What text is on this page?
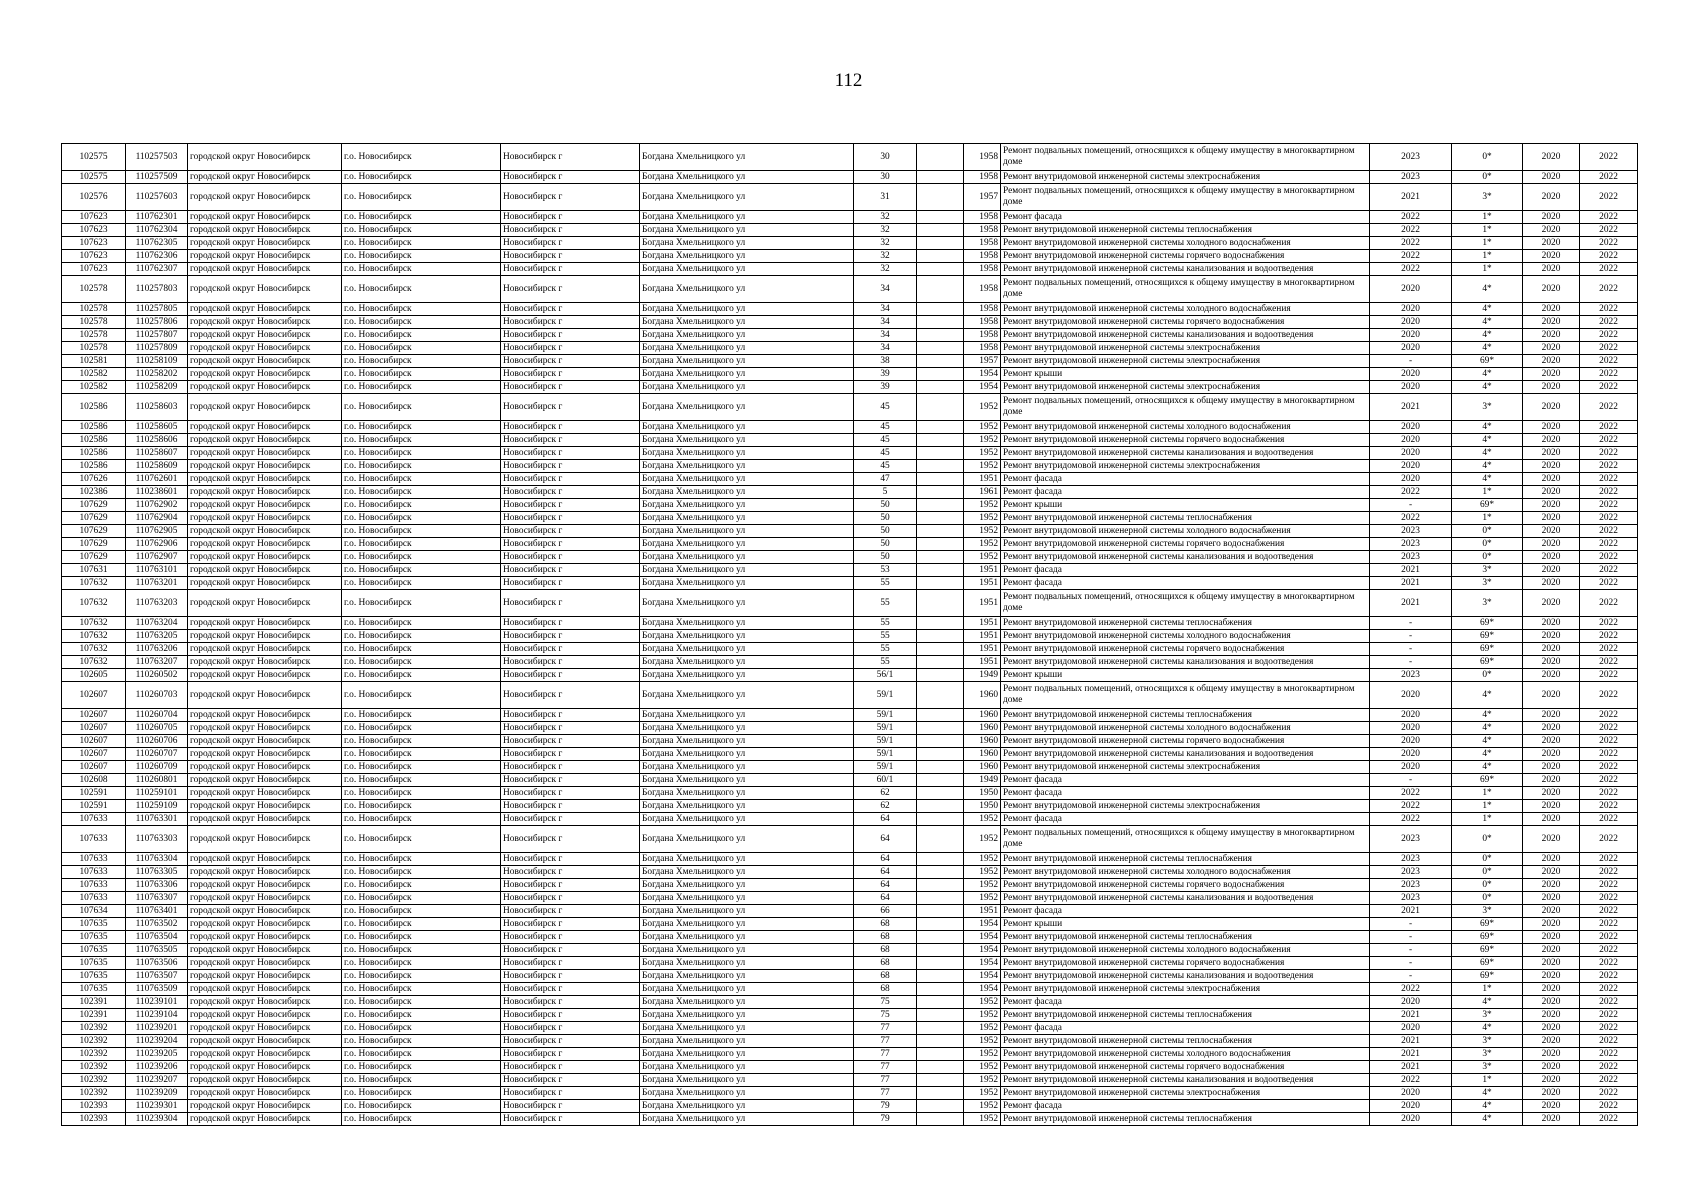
112
102575	110257503	городской округ Новосибирск	г.о. Новосибирск	Новосибирск г	Богдана Хмельницкого ул	30		1958	Ремонт подвальных помещений, относящихся к общему имуществу в многоквартирном доме	2023	0*	2020	2022
102575	110257509	городской округ Новосибирск	г.о. Новосибирск	Новосибирск г	Богдана Хмельницкого ул	30		1958	Ремонт внутридомовой инженерной системы электроснабжения	2023	0*	2020	2022
102576	110257603	городской округ Новосибирск	г.о. Новосибирск	Новосибирск г	Богдана Хмельницкого ул	31		1957	Ремонт подвальных помещений, относящихся к общему имуществу в многоквартирном доме	2021	3*	2020	2022
107623	110762301	городской округ Новосибирск	г.о. Новосибирск	Новосибирск г	Богдана Хмельницкого ул	32		1958	Ремонт фасада	2022	1*	2020	2022
107623	110762304	городской округ Новосибирск	г.о. Новосибирск	Новосибирск г	Богдана Хмельницкого ул	32		1958	Ремонт внутридомовой инженерной системы теплоснабжения	2022	1*	2020	2022
107623	110762305	городской округ Новосибирск	г.о. Новосибирск	Новосибирск г	Богдана Хмельницкого ул	32		1958	Ремонт внутридомовой инженерной системы холодного водоснабжения	2022	1*	2020	2022
107623	110762306	городской округ Новосибирск	г.о. Новосибирск	Новосибирск г	Богдана Хмельницкого ул	32		1958	Ремонт внутридомовой инженерной системы горячего водоснабжения	2022	1*	2020	2022
107623	110762307	городской округ Новосибирск	г.о. Новосибирск	Новосибирск г	Богдана Хмельницкого ул	32		1958	Ремонт внутридомовой инженерной системы канализования и водоотведения	2022	1*	2020	2022
102578	110257803	городской округ Новосибирск	г.о. Новосибирск	Новосибирск г	Богдана Хмельницкого ул	34		1958	Ремонт подвальных помещений, относящихся к общему имуществу в многоквартирном доме	2020	4*	2020	2022
102578	110257805	городской округ Новосибирск	г.о. Новосибирск	Новосибирск г	Богдана Хмельницкого ул	34		1958	Ремонт внутридомовой инженерной системы холодного водоснабжения	2020	4*	2020	2022
102578	110257806	городской округ Новосибирск	г.о. Новосибирск	Новосибирск г	Богдана Хмельницкого ул	34		1958	Ремонт внутридомовой инженерной системы горячего водоснабжения	2020	4*	2020	2022
102578	110257807	городской округ Новосибирск	г.о. Новосибирск	Новосибирск г	Богдана Хмельницкого ул	34		1958	Ремонт внутридомовой инженерной системы канализования и водоотведения	2020	4*	2020	2022
102578	110257809	городской округ Новосибирск	г.о. Новосибирск	Новосибирск г	Богдана Хмельницкого ул	34		1958	Ремонт внутридомовой инженерной системы электроснабжения	2020	4*	2020	2022
102581	110258109	городской округ Новосибирск	г.о. Новосибирск	Новосибирск г	Богдана Хмельницкого ул	38		1957	Ремонт внутридомовой инженерной системы электроснабжения	-	69*	2020	2022
102582	110258202	городской округ Новосибирск	г.о. Новосибирск	Новосибирск г	Богдана Хмельницкого ул	39		1954	Ремонт крыши	2020	4*	2020	2022
102582	110258209	городской округ Новосибирск	г.о. Новосибирск	Новосибирск г	Богдана Хмельницкого ул	39		1954	Ремонт внутридомовой инженерной системы электроснабжения	2020	4*	2020	2022
102586	110258603	городской округ Новосибирск	г.о. Новосибирск	Новосибирск г	Богдана Хмельницкого ул	45		1952	Ремонт подвальных помещений, относящихся к общему имуществу в многоквартирном доме	2021	3*	2020	2022
102586	110258605	городской округ Новосибирск	г.о. Новосибирск	Новосибирск г	Богдана Хмельницкого ул	45		1952	Ремонт внутридомовой инженерной системы холодного водоснабжения	2020	4*	2020	2022
102586	110258606	городской округ Новосибирск	г.о. Новосибирск	Новосибирск г	Богдана Хмельницкого ул	45		1952	Ремонт внутридомовой инженерной системы горячего водоснабжения	2020	4*	2020	2022
102586	110258607	городской округ Новосибирск	г.о. Новосибирск	Новосибирск г	Богдана Хмельницкого ул	45		1952	Ремонт внутридомовой инженерной системы канализования и водоотведения	2020	4*	2020	2022
102586	110258609	городской округ Новосибирск	г.о. Новосибирск	Новосибирск г	Богдана Хмельницкого ул	45		1952	Ремонт внутридомовой инженерной системы электроснабжения	2020	4*	2020	2022
107626	110762601	городской округ Новосибирск	г.о. Новосибирск	Новосибирск г	Богдана Хмельницкого ул	47		1951	Ремонт фасада	2020	4*	2020	2022
102386	110238601	городской округ Новосибирск	г.о. Новосибирск	Новосибирск г	Богдана Хмельницкого ул	5		1961	Ремонт фасада	2022	1*	2020	2022
107629	110762902	городской округ Новосибирск	г.о. Новосибирск	Новосибирск г	Богдана Хмельницкого ул	50		1952	Ремонт крыши	-	69*	2020	2022
107629	110762904	городской округ Новосибирск	г.о. Новосибирск	Новосибирск г	Богдана Хмельницкого ул	50		1952	Ремонт внутридомовой инженерной системы теплоснабжения	2022	1*	2020	2022
107629	110762905	городской округ Новосибирск	г.о. Новосибирск	Новосибирск г	Богдана Хмельницкого ул	50		1952	Ремонт внутридомовой инженерной системы холодного водоснабжения	2023	0*	2020	2022
107629	110762906	городской округ Новосибирск	г.о. Новосибирск	Новосибирск г	Богдана Хмельницкого ул	50		1952	Ремонт внутридомовой инженерной системы горячего водоснабжения	2023	0*	2020	2022
107629	110762907	городской округ Новосибирск	г.о. Новосибирск	Новосибирск г	Богдана Хмельницкого ул	50		1952	Ремонт внутридомовой инженерной системы канализования и водоотведения	2023	0*	2020	2022
107631	110763101	городской округ Новосибирск	г.о. Новосибирск	Новосибирск г	Богдана Хмельницкого ул	53		1951	Ремонт фасада	2021	3*	2020	2022
107632	110763201	городской округ Новосибирск	г.о. Новосибирск	Новосибирск г	Богдана Хмельницкого ул	55		1951	Ремонт фасада	2021	3*	2020	2022
107632	110763203	городской округ Новосибирск	г.о. Новосибирск	Новосибирск г	Богдана Хмельницкого ул	55		1951	Ремонт подвальных помещений, относящихся к общему имуществу в многоквартирном доме	2021	3*	2020	2022
107632	110763204	городской округ Новосибирск	г.о. Новосибирск	Новосибирск г	Богдана Хмельницкого ул	55		1951	Ремонт внутридомовой инженерной системы теплоснабжения	-	69*	2020	2022
107632	110763205	городской округ Новосибирск	г.о. Новосибирск	Новосибирск г	Богдана Хмельницкого ул	55		1951	Ремонт внутридомовой инженерной системы холодного водоснабжения	-	69*	2020	2022
107632	110763206	городской округ Новосибирск	г.о. Новосибирск	Новосибирск г	Богдана Хмельницкого ул	55		1951	Ремонт внутридомовой инженерной системы горячего водоснабжения	-	69*	2020	2022
107632	110763207	городской округ Новосибирск	г.о. Новосибирск	Новосибирск г	Богдана Хмельницкого ул	55		1951	Ремонт внутридомовой инженерной системы канализования и водоотведения	-	69*	2020	2022
102605	110260502	городской округ Новосибирск	г.о. Новосибирск	Новосибирск г	Богдана Хмельницкого ул	56/1		1949	Ремонт крыши	2023	0*	2020	2022
102607	110260703	городской округ Новосибирск	г.о. Новосибирск	Новосибирск г	Богдана Хмельницкого ул	59/1		1960	Ремонт подвальных помещений, относящихся к общему имуществу в многоквартирном доме	2020	4*	2020	2022
102607	110260704	городской округ Новосибирск	г.о. Новосибирск	Новосибирск г	Богдана Хмельницкого ул	59/1		1960	Ремонт внутридомовой инженерной системы теплоснабжения	2020	4*	2020	2022
102607	110260705	городской округ Новосибирск	г.о. Новосибирск	Новосибирск г	Богдана Хмельницкого ул	59/1		1960	Ремонт внутридомовой инженерной системы холодного водоснабжения	2020	4*	2020	2022
102607	110260706	городской округ Новосибирск	г.о. Новосибирск	Новосибирск г	Богдана Хмельницкого ул	59/1		1960	Ремонт внутридомовой инженерной системы горячего водоснабжения	2020	4*	2020	2022
102607	110260707	городской округ Новосибирск	г.о. Новосибирск	Новосибирск г	Богдана Хмельницкого ул	59/1		1960	Ремонт внутридомовой инженерной системы канализования и водоотведения	2020	4*	2020	2022
102607	110260709	городской округ Новосибирск	г.о. Новосибирск	Новосибирск г	Богдана Хмельницкого ул	59/1		1960	Ремонт внутридомовой инженерной системы электроснабжения	2020	4*	2020	2022
102608	110260801	городской округ Новосибирск	г.о. Новосибирск	Новосибирск г	Богдана Хмельницкого ул	60/1		1949	Ремонт фасада	-	69*	2020	2022
102591	110259101	городской округ Новосибирск	г.о. Новосибирск	Новосибирск г	Богдана Хмельницкого ул	62		1950	Ремонт фасада	2022	1*	2020	2022
102591	110259109	городской округ Новосибирск	г.о. Новосибирск	Новосибирск г	Богдана Хмельницкого ул	62		1950	Ремонт внутридомовой инженерной системы электроснабжения	2022	1*	2020	2022
107633	110763301	городской округ Новосибирск	г.о. Новосибирск	Новосибирск г	Богдана Хмельницкого ул	64		1952	Ремонт фасада	2022	1*	2020	2022
107633	110763303	городской округ Новосибирск	г.о. Новосибирск	Новосибирск г	Богдана Хмельницкого ул	64		1952	Ремонт подвальных помещений, относящихся к общему имуществу в многоквартирном доме	2023	0*	2020	2022
107633	110763304	городской округ Новосибирск	г.о. Новосибирск	Новосибирск г	Богдана Хмельницкого ул	64		1952	Ремонт внутридомовой инженерной системы теплоснабжения	2023	0*	2020	2022
107633	110763305	городской округ Новосибирск	г.о. Новосибирск	Новосибирск г	Богдана Хмельницкого ул	64		1952	Ремонт внутридомовой инженерной системы холодного водоснабжения	2023	0*	2020	2022
107633	110763306	городской округ Новосибирск	г.о. Новосибирск	Новосибирск г	Богдана Хмельницкого ул	64		1952	Ремонт внутридомовой инженерной системы горячего водоснабжения	2023	0*	2020	2022
107633	110763307	городской округ Новосибирск	г.о. Новосибирск	Новосибирск г	Богдана Хмельницкого ул	64		1952	Ремонт внутридомовой инженерной системы канализования и водоотведения	2023	0*	2020	2022
107634	110763401	городской округ Новосибирск	г.о. Новосибирск	Новосибирск г	Богдана Хмельницкого ул	66		1951	Ремонт фасада	2021	3*	2020	2022
107635	110763502	городской округ Новосибирск	г.о. Новосибирск	Новосибирск г	Богдана Хмельницкого ул	68		1954	Ремонт крыши	-	69*	2020	2022
107635	110763504	городской округ Новосибирск	г.о. Новосибирск	Новосибирск г	Богдана Хмельницкого ул	68		1954	Ремонт внутридомовой инженерной системы теплоснабжения	-	69*	2020	2022
107635	110763505	городской округ Новосибирск	г.о. Новосибирск	Новосибирск г	Богдана Хмельницкого ул	68		1954	Ремонт внутридомовой инженерной системы холодного водоснабжения	-	69*	2020	2022
107635	110763506	городской округ Новосибирск	г.о. Новосибирск	Новосибирск г	Богдана Хмельницкого ул	68		1954	Ремонт внутридомовой инженерной системы горячего водоснабжения	-	69*	2020	2022
107635	110763507	городской округ Новосибирск	г.о. Новосибирск	Новосибирск г	Богдана Хмельницкого ул	68		1954	Ремонт внутридомовой инженерной системы канализования и водоотведения	-	69*	2020	2022
107635	110763509	городской округ Новосибирск	г.о. Новосибирск	Новосибирск г	Богдана Хмельницкого ул	68		1954	Ремонт внутридомовой инженерной системы электроснабжения	2022	1*	2020	2022
102391	110239101	городской округ Новосибирск	г.о. Новосибирск	Новосибирск г	Богдана Хмельницкого ул	75		1952	Ремонт фасада	2020	4*	2020	2022
102391	110239104	городской округ Новосибирск	г.о. Новосибирск	Новосибирск г	Богдана Хмельницкого ул	75		1952	Ремонт внутридомовой инженерной системы теплоснабжения	2021	3*	2020	2022
102392	110239201	городской округ Новосибирск	г.о. Новосибирск	Новосибирск г	Богдана Хмельницкого ул	77		1952	Ремонт фасада	2020	4*	2020	2022
102392	110239204	городской округ Новосибирск	г.о. Новосибирск	Новосибирск г	Богдана Хмельницкого ул	77		1952	Ремонт внутридомовой инженерной системы теплоснабжения	2021	3*	2020	2022
102392	110239205	городской округ Новосибирск	г.о. Новосибирск	Новосибирск г	Богдана Хмельницкого ул	77		1952	Ремонт внутридомовой инженерной системы холодного водоснабжения	2021	3*	2020	2022
102392	110239206	городской округ Новосибирск	г.о. Новосибирск	Новосибирск г	Богдана Хмельницкого ул	77		1952	Ремонт внутридомовой инженерной системы горячего водоснабжения	2021	3*	2020	2022
102392	110239207	городской округ Новосибирск	г.о. Новосибирск	Новосибирск г	Богдана Хмельницкого ул	77		1952	Ремонт внутридомовой инженерной системы канализования и водоотведения	2022	1*	2020	2022
102392	110239209	городской округ Новосибирск	г.о. Новосибирск	Новосибирск г	Богдана Хмельницкого ул	77		1952	Ремонт внутридомовой инженерной системы электроснабжения	2020	4*	2020	2022
102393	110239301	городской округ Новосибирск	г.о. Новосибирск	Новосибирск г	Богдана Хмельницкого ул	79		1952	Ремонт фасада	2020	4*	2020	2022
102393	110239304	городской округ Новосибирск	г.о. Новосибирск	Новосибирск г	Богдана Хмельницкого ул	79		1952	Ремонт внутридомовой инженерной системы теплоснабжения	2020	4*	2020	2022
